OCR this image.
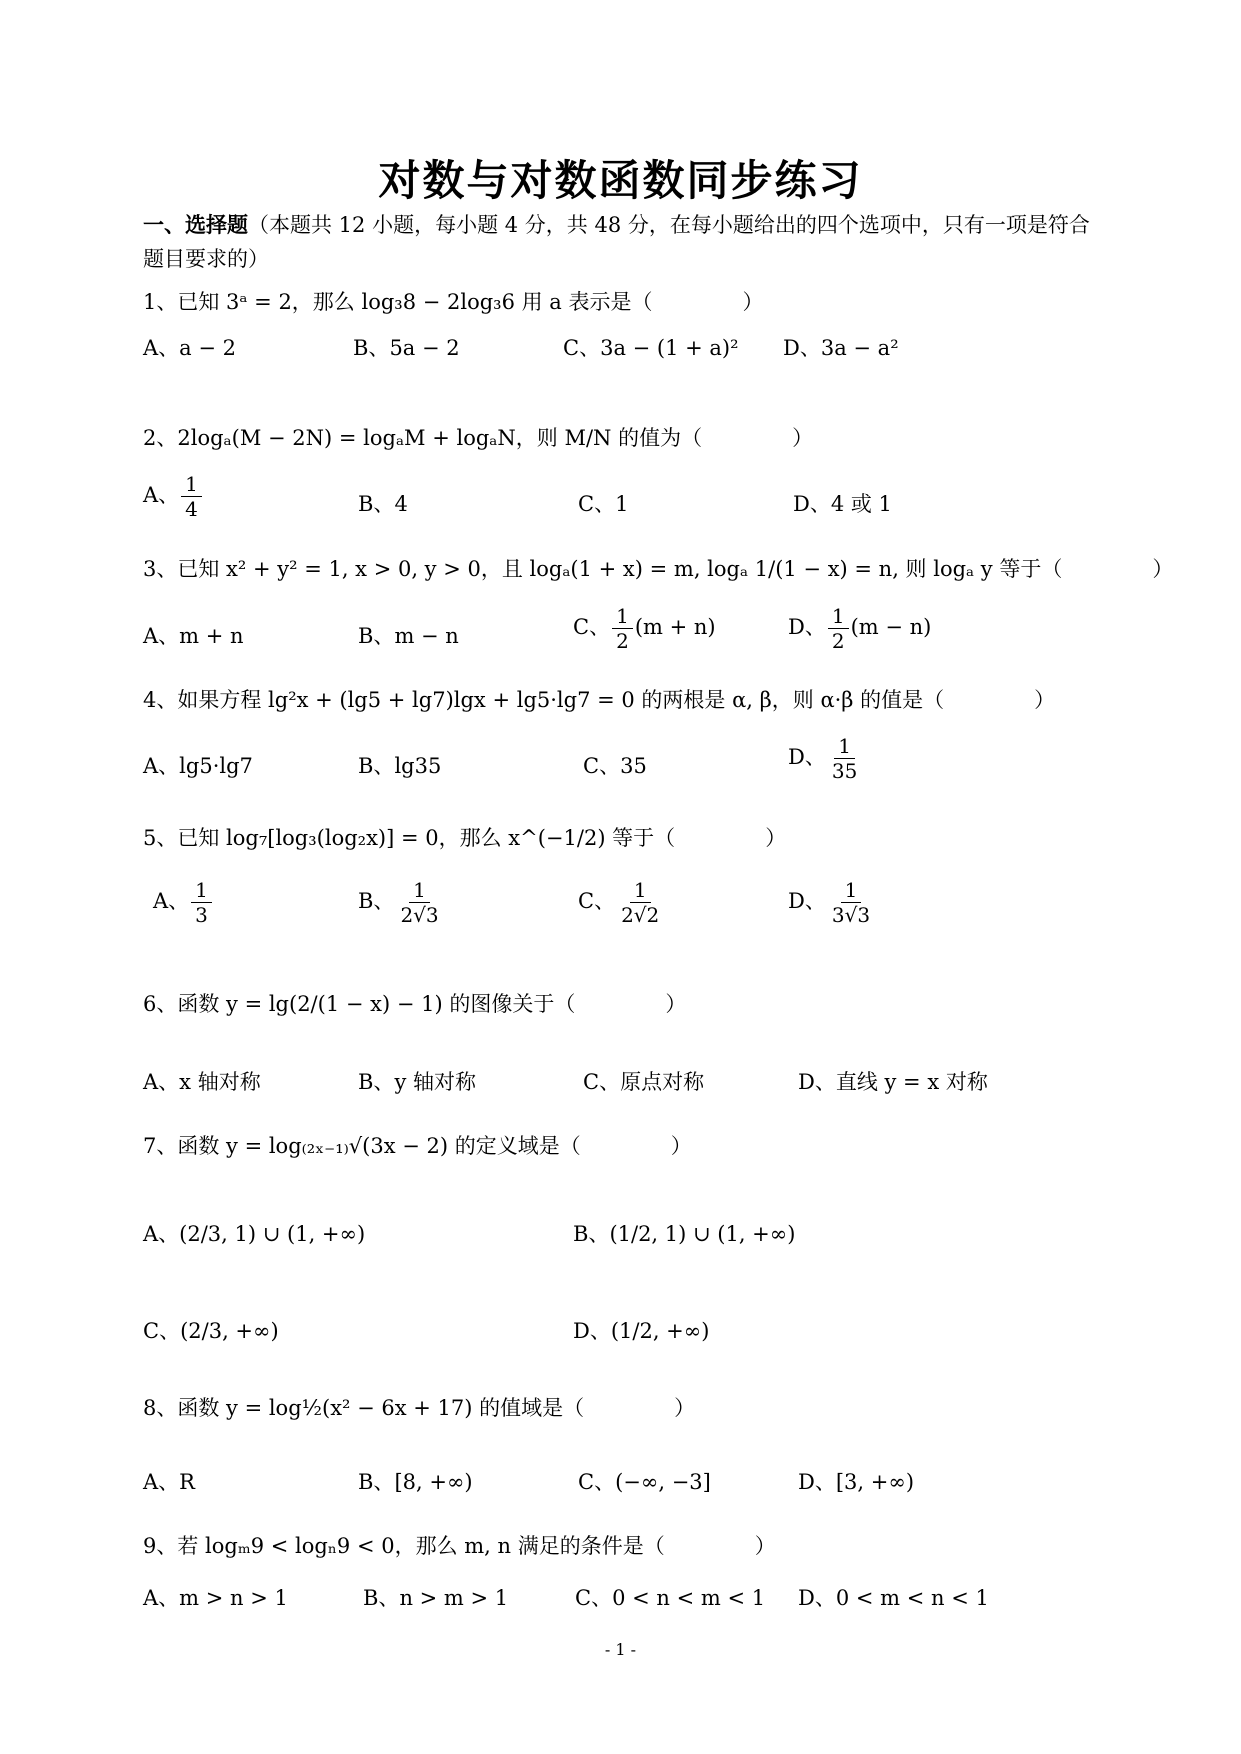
对数与对数函数同步练习
一、选择题（本题共 12 小题，每小题 4 分，共 48 分，在每小题给出的四个选项中，只有一项是符合题目要求的）
1、已知 3ᵃ = 2，那么 log₃8 − 2log₃6 用 a 表示是（	）
A、a − 2	B、5a − 2	C、3a − (1 + a)² D、3a − a²
2、2logₐ(M − 2N) = logₐM + logₐN，则 M/N 的值为（	）
A、 $\frac{1}{4}$	B、4	C、1	D、4 或 1
3、已知 x² + y² = 1, x > 0, y > 0，且 logₐ(1 + x) = m, logₐ 1/(1 − x) = n, 则 logₐ y 等于（	）
A、m + n	B、m − n	C、 $\frac{1}{2} (m + n)$	D、 $\frac{1}{2} (m - n)$
4、如果方程 lg²x + (lg5 + lg7)lgx + lg5·lg7 = 0 的两根是 α, β，则 α·β 的值是（	）
A、lg5·lg7	B、lg35	C、35	D、 $\frac{1}{35}$
5、已知 log₇[log₃(log₂x)] = 0，那么 x^(−1/2) 等于（	）
A、 $\frac{1}{3}$	B、 $\frac{1}{2√3}$	C、 $\frac{1}{2√2}$	D、 $\frac{1}{3√3}$
6、函数 y = lg(2/(1 − x) − 1) 的图像关于（	）
A、x 轴对称	B、y 轴对称	C、原点对称	D、直线 y = x 对称
7、函数 y = log₍₂ₓ₋₁₎√(3x − 2) 的定义域是（	）
A、(2/3, 1) ∪ (1, +∞)	B、(1/2, 1) ∪ (1, +∞)
C、(2/3, +∞)	D、(1/2, +∞)
8、函数 y = log½(x² − 6x + 17) 的值域是（	）
A、R	B、[8, +∞)	C、(−∞, −3]	D、[3, +∞)
9、若 logₘ9 < logₙ9 < 0，那么 m, n 满足的条件是（	）
A、m > n > 1	B、n > m > 1	C、0 < n < m < 1 D、0 < m < n < 1
- 1 -
